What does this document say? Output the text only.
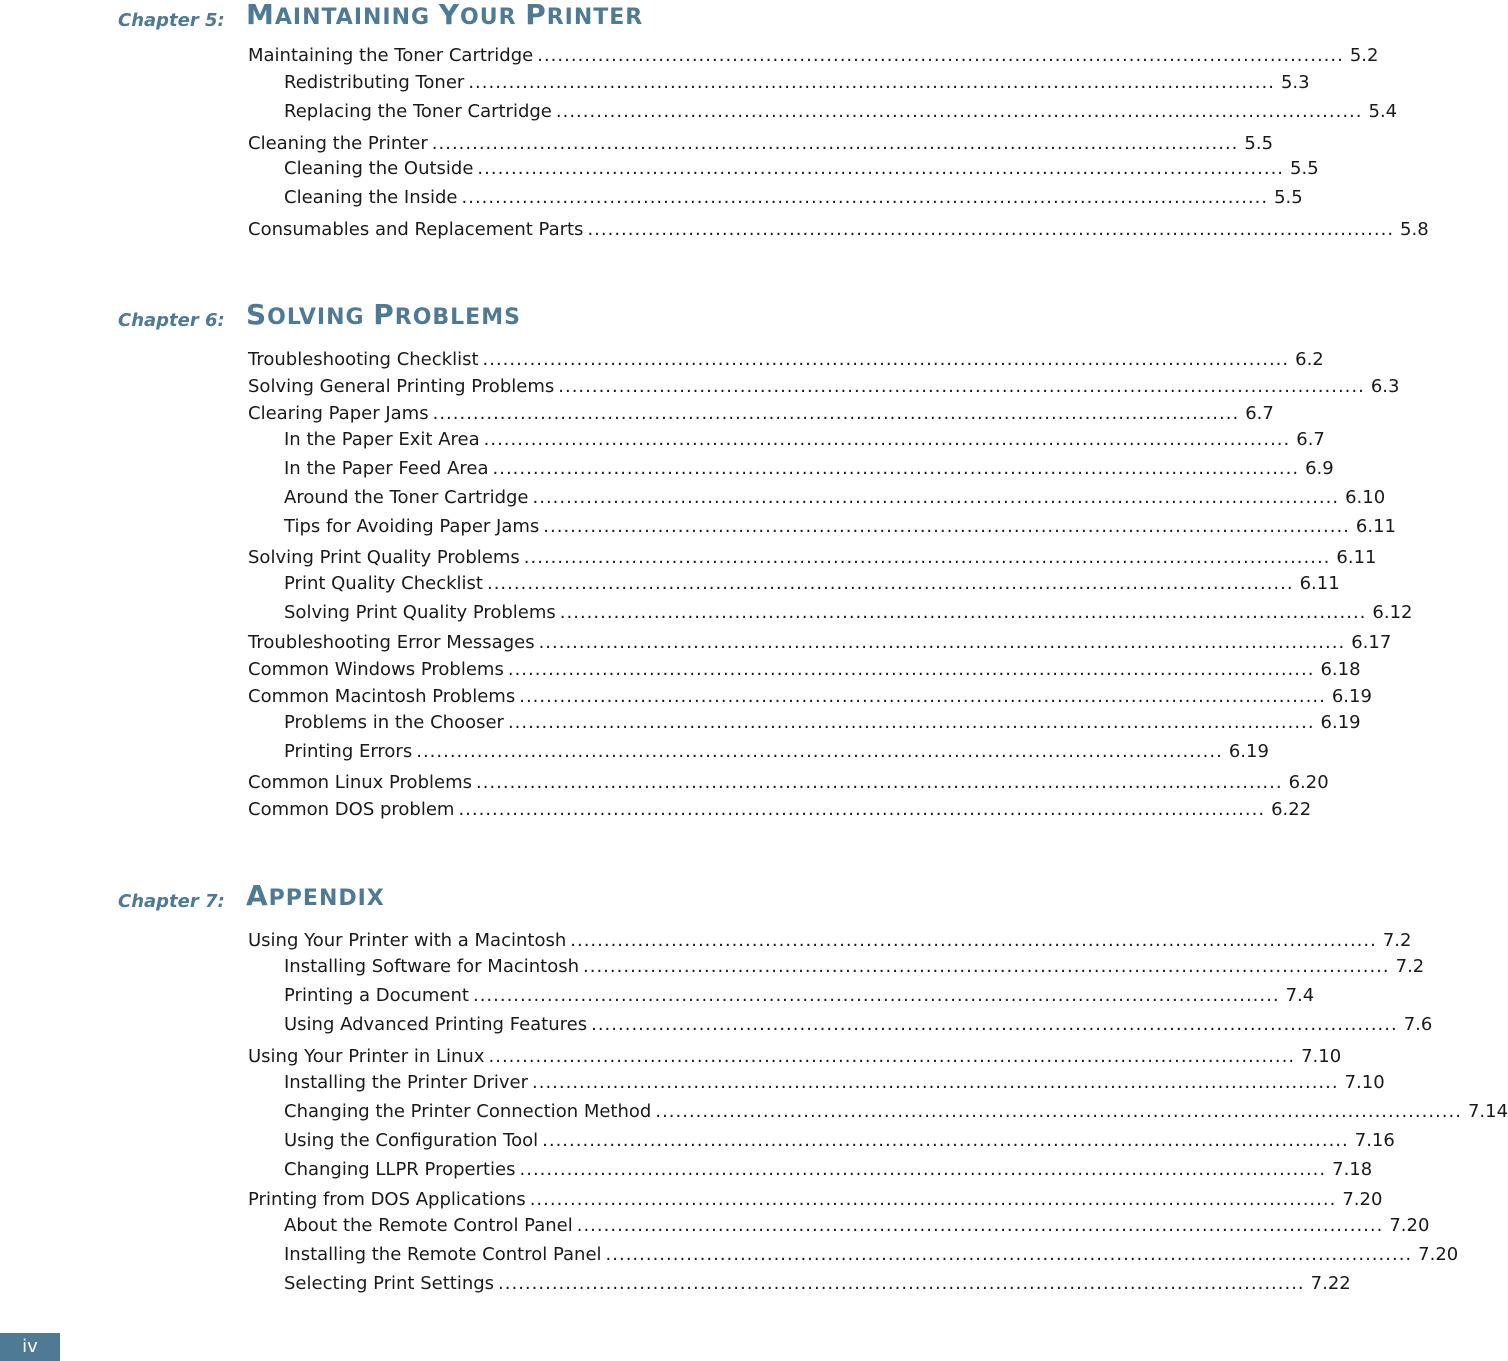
Chapter 5: MAINTAINING YOUR PRINTER
Maintaining the Toner Cartridge ........................................................................................................................ 5.2
Redistributing Toner ........................................................................................................................ 5.3
Replacing the Toner Cartridge ........................................................................................................................ 5.4
Cleaning the Printer ........................................................................................................................ 5.5
Cleaning the Outside ........................................................................................................................ 5.5
Cleaning the Inside ........................................................................................................................ 5.5
Consumables and Replacement Parts ........................................................................................................................ 5.8
Chapter 6: SOLVING PROBLEMS
Troubleshooting Checklist ........................................................................................................................ 6.2
Solving General Printing Problems ........................................................................................................................ 6.3
Clearing Paper Jams ........................................................................................................................ 6.7
In the Paper Exit Area ........................................................................................................................ 6.7
In the Paper Feed Area ........................................................................................................................ 6.9
Around the Toner Cartridge ........................................................................................................................ 6.10
Tips for Avoiding Paper Jams ........................................................................................................................ 6.11
Solving Print Quality Problems ........................................................................................................................ 6.11
Print Quality Checklist ........................................................................................................................ 6.11
Solving Print Quality Problems ........................................................................................................................ 6.12
Troubleshooting Error Messages ........................................................................................................................ 6.17
Common Windows Problems ........................................................................................................................ 6.18
Common Macintosh Problems ........................................................................................................................ 6.19
Problems in the Chooser ........................................................................................................................ 6.19
Printing Errors ........................................................................................................................ 6.19
Common Linux Problems ........................................................................................................................ 6.20
Common DOS problem ........................................................................................................................ 6.22
Chapter 7: APPENDIX
Using Your Printer with a Macintosh ........................................................................................................................ 7.2
Installing Software for Macintosh ........................................................................................................................ 7.2
Printing a Document ........................................................................................................................ 7.4
Using Advanced Printing Features ........................................................................................................................ 7.6
Using Your Printer in Linux ........................................................................................................................ 7.10
Installing the Printer Driver ........................................................................................................................ 7.10
Changing the Printer Connection Method ........................................................................................................................ 7.14
Using the Configuration Tool ........................................................................................................................ 7.16
Changing LLPR Properties ........................................................................................................................ 7.18
Printing from DOS Applications ........................................................................................................................ 7.20
About the Remote Control Panel ........................................................................................................................ 7.20
Installing the Remote Control Panel ........................................................................................................................ 7.20
Selecting Print Settings ........................................................................................................................ 7.22
iv
